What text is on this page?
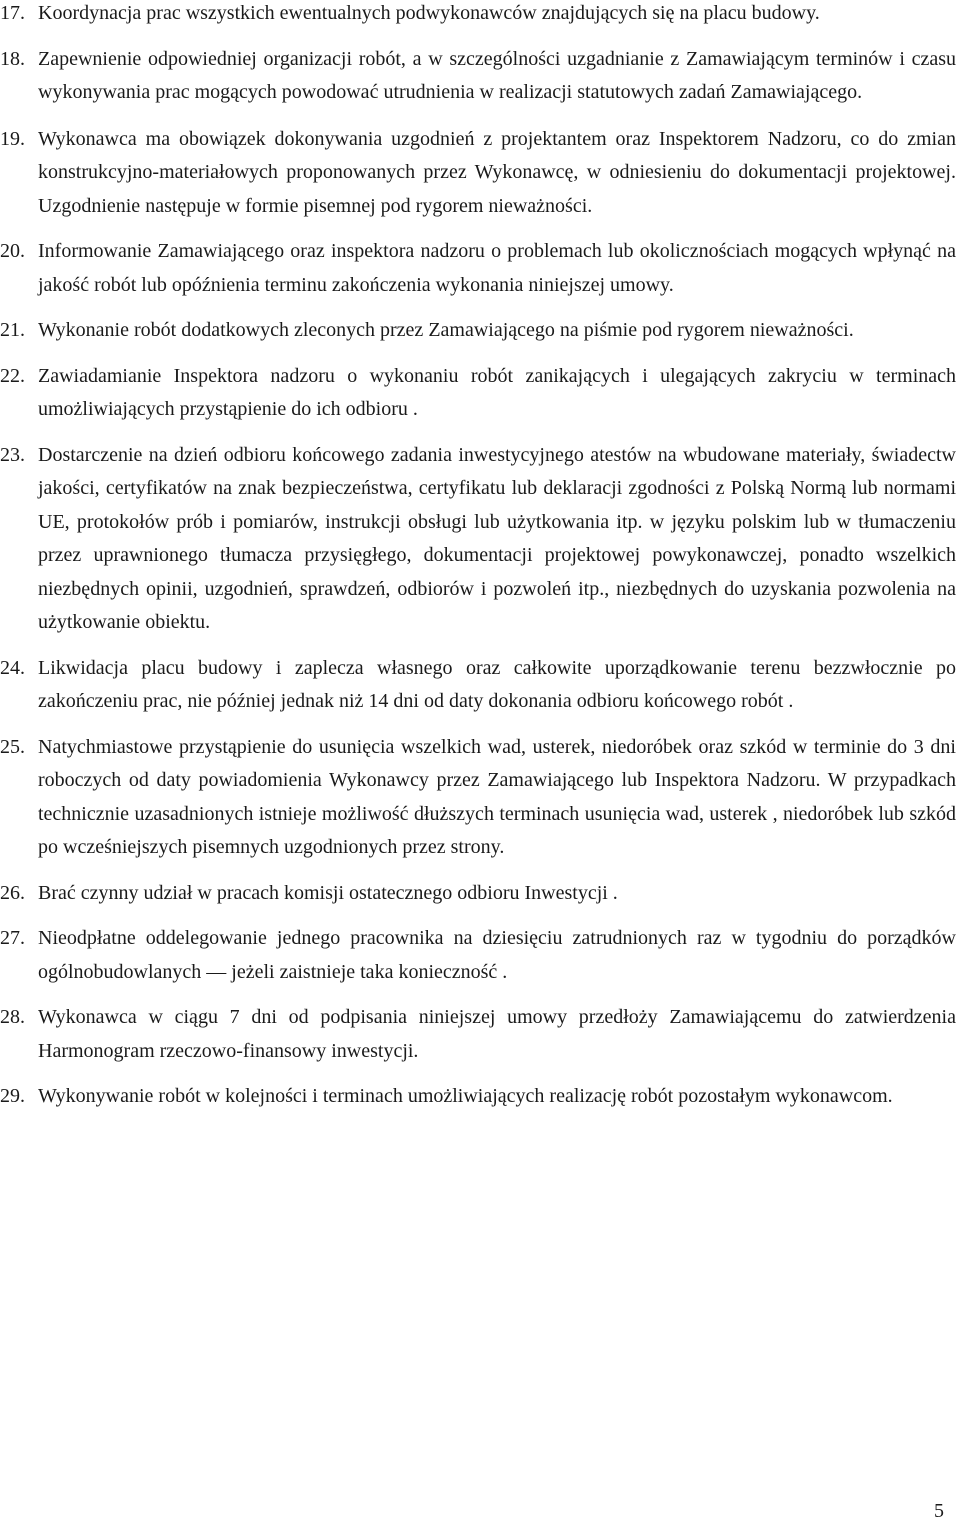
17. Koordynacja prac wszystkich ewentualnych podwykonawców znajdujących się na placu budowy.
18. Zapewnienie odpowiedniej organizacji robót, a w szczególności uzgadnianie z Zamawiającym terminów i czasu wykonywania prac mogących powodować utrudnienia w realizacji statutowych zadań Zamawiającego.
19. Wykonawca ma obowiązek dokonywania uzgodnień z projektantem oraz Inspektorem Nadzoru, co do zmian konstrukcyjno-materiałowych proponowanych przez Wykonawcę, w odniesieniu do dokumentacji projektowej. Uzgodnienie następuje w formie pisemnej pod rygorem nieważności.
20. Informowanie Zamawiającego oraz inspektora nadzoru o problemach lub okolicznościach mogących wpłynąć na jakość robót lub opóźnienia terminu zakończenia wykonania niniejszej umowy.
21. Wykonanie robót dodatkowych zleconych przez Zamawiającego na piśmie pod rygorem nieważności.
22. Zawiadamianie Inspektora nadzoru o wykonaniu robót zanikających i ulegających zakryciu w terminach umożliwiających przystąpienie do ich odbioru .
23. Dostarczenie na dzień odbioru końcowego zadania inwestycyjnego atestów na wbudowane materiały, świadectw jakości, certyfikatów na znak bezpieczeństwa, certyfikatu lub deklaracji zgodności z Polską Normą lub normami UE, protokołów prób i pomiarów, instrukcji obsługi lub użytkowania itp. w języku polskim lub w tłumaczeniu przez uprawnionego tłumacza przysięgłego, dokumentacji projektowej powykonawczej, ponadto wszelkich niezbędnych opinii, uzgodnień, sprawdzeń, odbiorów i pozwoleń itp., niezbędnych do uzyskania pozwolenia na użytkowanie obiektu.
24. Likwidacja placu budowy i zaplecza własnego oraz całkowite uporządkowanie terenu bezzwłocznie po zakończeniu prac, nie później jednak niż 14 dni od daty dokonania odbioru końcowego robót .
25. Natychmiastowe przystąpienie do usunięcia wszelkich wad, usterek, niedoróbek oraz szkód w terminie do 3 dni roboczych od daty powiadomienia Wykonawcy przez Zamawiającego lub Inspektora Nadzoru. W przypadkach technicznie uzasadnionych istnieje możliwość dłuższych terminach usunięcia wad, usterek , niedoróbek lub szkód po wcześniejszych pisemnych uzgodnionych przez strony.
26. Brać czynny udział w pracach komisji ostatecznego odbioru Inwestycji .
27. Nieodpłatne oddelegowanie jednego pracownika na dziesięciu zatrudnionych raz w tygodniu do porządków ogólnobudowlanych — jeżeli zaistnieje taka konieczność .
28. Wykonawca w ciągu 7 dni od podpisania niniejszej umowy przedłoży Zamawiającemu do zatwierdzenia Harmonogram rzeczowo-finansowy inwestycji.
29. Wykonywanie robót w kolejności i terminach umożliwiających realizację robót pozostałym wykonawcom.
5
